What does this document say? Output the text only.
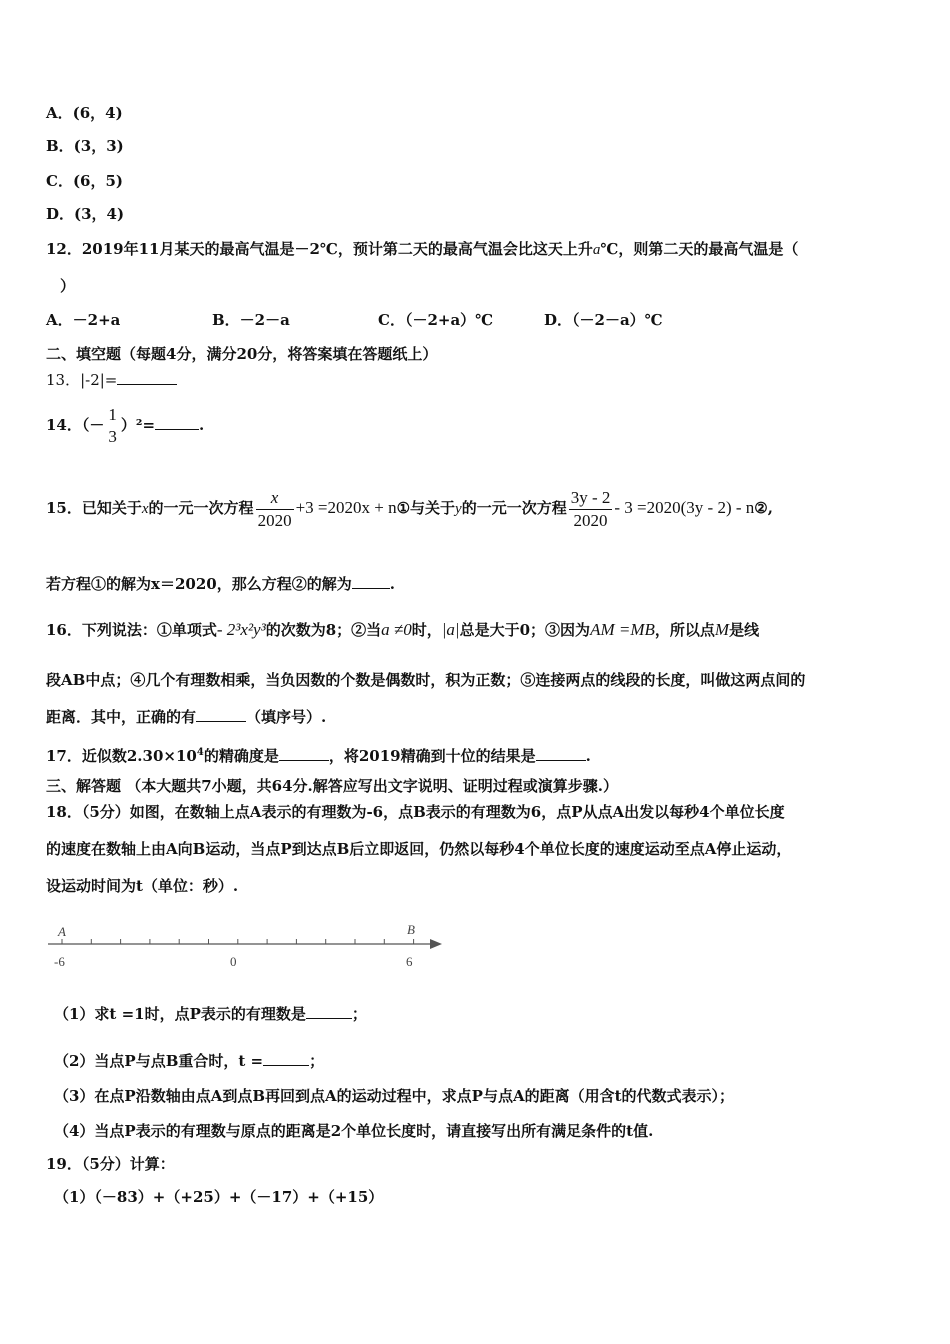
A．(6，4)
B．(3，3)
C．(6，5)
D．(3，4)
12．2019年11月某天的最高气温是－2℃，预计第二天的最高气温会比这天上升a℃，则第二天的最高气温是（
）
A．－2+a	B．－2－a	C．（－2+a）℃	D．（－2－a）℃
二、填空题（每题4分，满分20分，将答案填在答题纸上）
13．|-2|=
14．（－
1
3
）²=	.
15．已知关于x的一元一次方程 $\frac{x}{2020} +3 =2020x$ + n①与关于y的一元一次方程 $\frac{3y - 2}{2020} - 3 =2020(3y - 2)$ - n②,
若方程①的解为x＝2020，那么方程②的解为	.
16．下列说法：①单项式- 2³x²y³的次数为8；②当a ≠0时，|a|总是大于0；③因为AM =MB，所以点M是线
段AB中点；④几个有理数相乘，当负因数的个数是偶数时，积为正数；⑤连接两点的线段的长度，叫做这两点间的
距离．其中，正确的有	（填序号）.
17．近似数$2.30\times 10^4$的精确度是	，将2019精确到十位的结果是	.
三、解答题 （本大题共7小题，共64分.解答应写出文字说明、证明过程或演算步骤.）
18．（5分）如图，在数轴上点A表示的有理数为-6，点B表示的有理数为6，点P从点A出发以每秒4个单位长度
的速度在数轴上由A向B运动，当点P到达点B后立即返回，仍然以每秒4个单位长度的速度运动至点A停止运动，
设运动时间为t（单位：秒）.
A	B
-6	0	6
（1）求t =1时，点P表示的有理数是	；
（2）当点P与点B重合时，t =	；
（3）在点P沿数轴由点A到点B再回到点A的运动过程中，求点P与点A的距离（用含t的代数式表示）；
（4）当点P表示的有理数与原点的距离是2个单位长度时，请直接写出所有满足条件的t值.
19．（5分）计算：
（1）（－83）+（+25）+（－17）+（+15）
